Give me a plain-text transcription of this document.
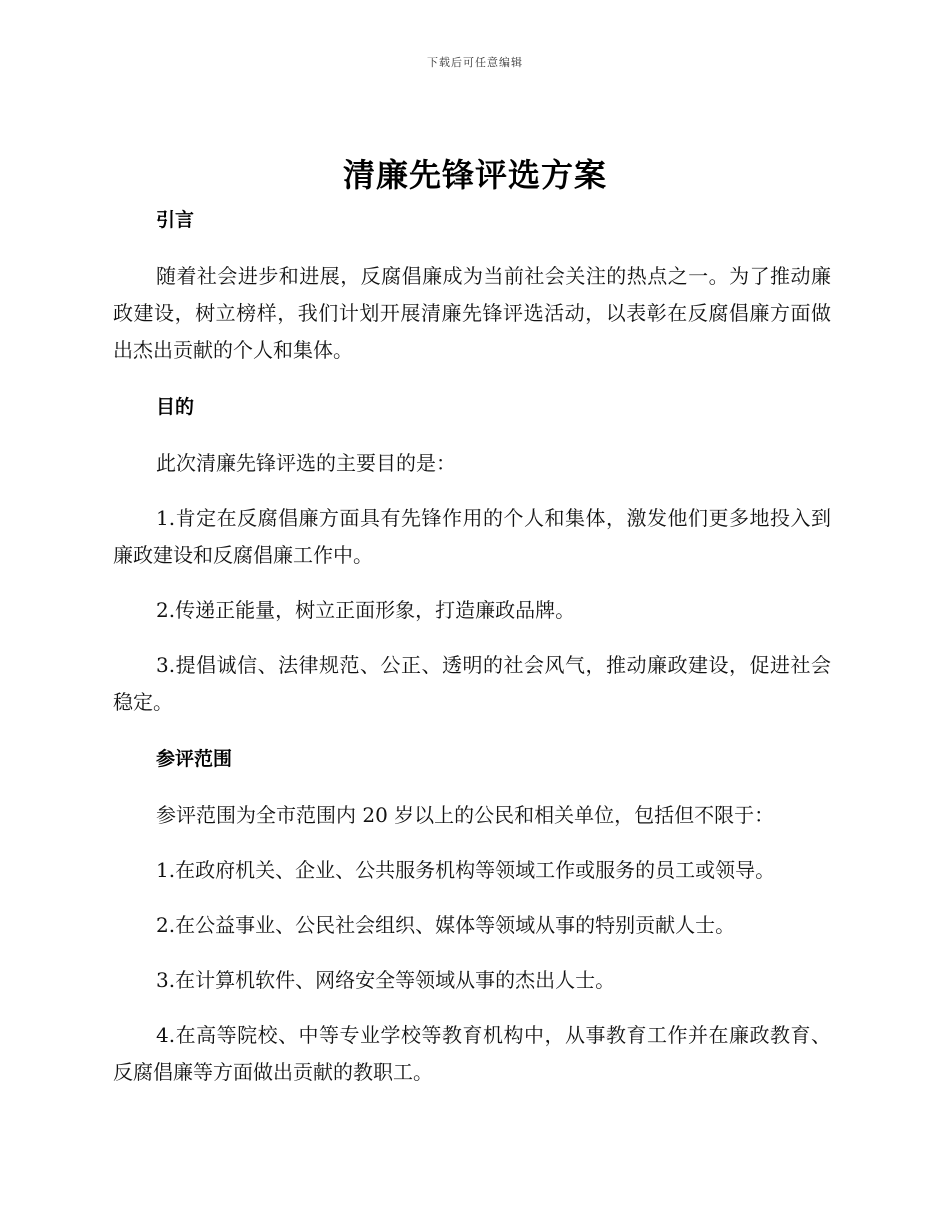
下载后可任意编辑
清廉先锋评选方案

引言

随着社会进步和进展，反腐倡廉成为当前社会关注的热点之一。为了推动廉政建设，树立榜样，我们计划开展清廉先锋评选活动，以表彰在反腐倡廉方面做出杰出贡献的个人和集体。

目的

此次清廉先锋评选的主要目的是：

1.肯定在反腐倡廉方面具有先锋作用的个人和集体，激发他们更多地投入到廉政建设和反腐倡廉工作中。

2.传递正能量，树立正面形象，打造廉政品牌。

3.提倡诚信、法律规范、公正、透明的社会风气，推动廉政建设，促进社会稳定。

参评范围

参评范围为全市范围内 20 岁以上的公民和相关单位，包括但不限于：

1.在政府机关、企业、公共服务机构等领域工作或服务的员工或领导。

2.在公益事业、公民社会组织、媒体等领域从事的特别贡献人士。

3.在计算机软件、网络安全等领域从事的杰出人士。

4.在高等院校、中等专业学校等教育机构中，从事教育工作并在廉政教育、反腐倡廉等方面做出贡献的教职工。
